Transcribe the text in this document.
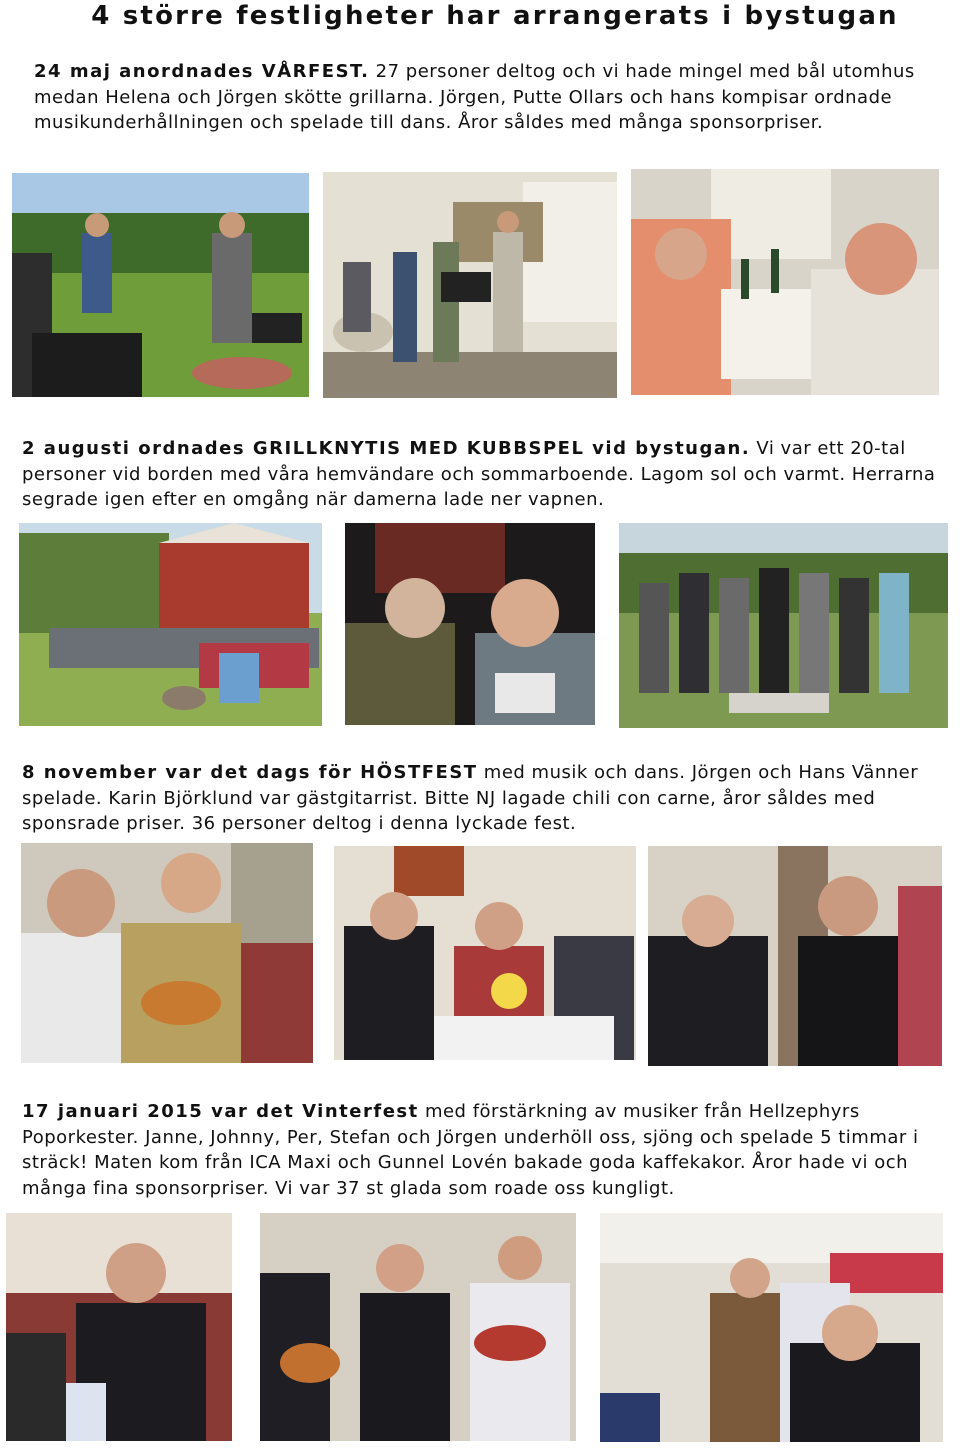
4 större festligheter har arrangerats i bystugan

24 maj anordnades VÅRFEST. 27 personer deltog och vi hade mingel med bål utomhus medan Helena och Jörgen skötte grillarna. Jörgen, Putte Ollars och hans kompisar ordnade musikunderhållningen och spelade till dans. Åror såldes med många sponsorpriser.

2 augusti ordnades GRILLKNYTIS MED KUBBSPEL vid bystugan. Vi var ett 20-tal personer vid borden med våra hemvändare och sommarboende. Lagom sol och varmt. Herrarna segrade igen efter en omgång när damerna lade ner vapnen.

8 november var det dags för HÖSTFEST med musik och dans. Jörgen och Hans Vänner spelade. Karin Björklund var gästgitarrist. Bitte NJ lagade chili con carne, åror såldes med sponsrade priser. 36 personer deltog i denna lyckade fest.

17 januari 2015 var det Vinterfest med förstärkning av musiker från Hellzephyrs Poporkester. Janne, Johnny, Per, Stefan och Jörgen underhöll oss, sjöng och spelade 5 timmar i sträck! Maten kom från ICA Maxi och Gunnel Lovén bakade goda kaffekakor. Åror hade vi och många fina sponsorpriser. Vi var 37 st glada som roade oss kungligt.
